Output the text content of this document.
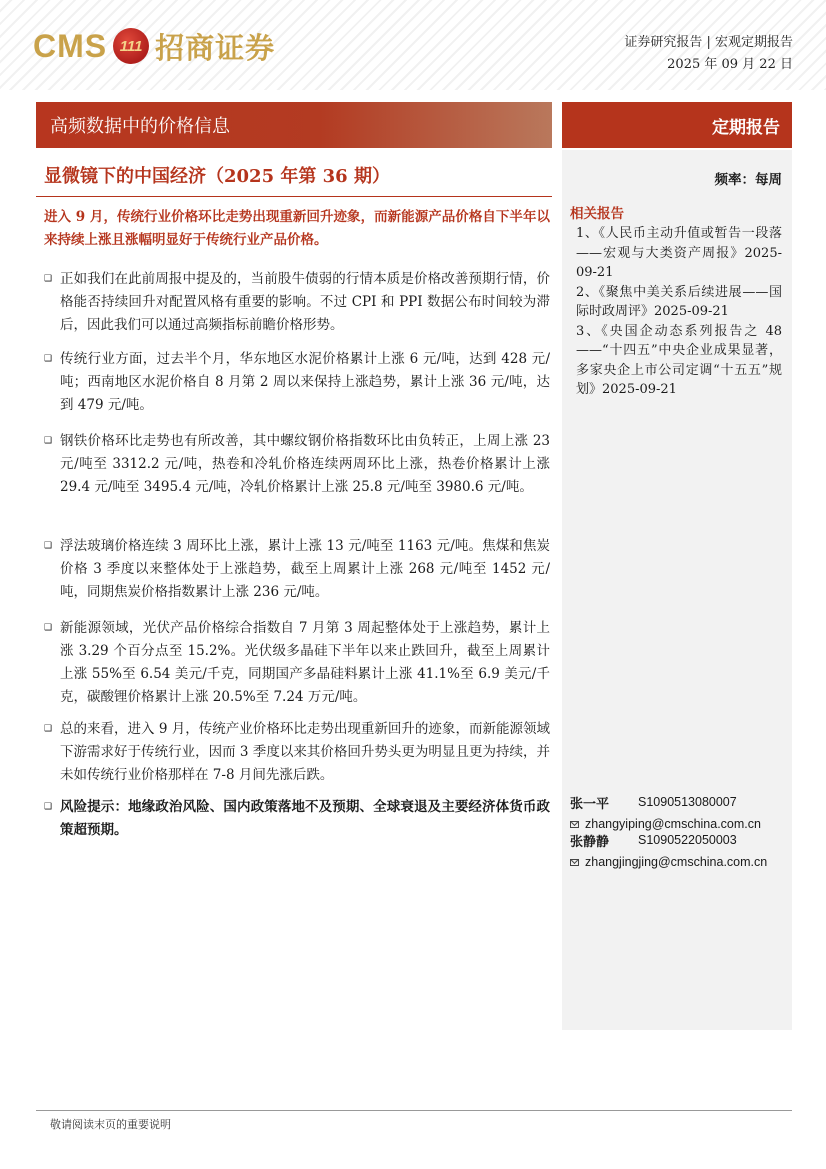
CMS 111 招商证券	证券研究报告 | 宏观定期报告
2025 年 09 月 22 日
高频数据中的价格信息	定期报告
显微镜下的中国经济（2025 年第 36 期）
进入 9 月，传统行业价格环比走势出现重新回升迹象，而新能源产品价格自下半年以来持续上涨且涨幅明显好于传统行业产品价格。
❑ 正如我们在此前周报中提及的，当前股牛债弱的行情本质是价格改善预期行情，价格能否持续回升对配置风格有重要的影响。不过 CPI 和 PPI 数据公布时间较为滞后，因此我们可以通过高频指标前瞻价格形势。
❑ 传统行业方面，过去半个月，华东地区水泥价格累计上涨 6 元/吨，达到 428 元/吨；西南地区水泥价格自 8 月第 2 周以来保持上涨趋势，累计上涨 36 元/吨，达到 479 元/吨。
❑ 钢铁价格环比走势也有所改善，其中螺纹钢价格指数环比由负转正，上周上涨 23 元/吨至 3312.2 元/吨，热卷和冷轧价格连续两周环比上涨，热卷价格累计上涨 29.4 元/吨至 3495.4 元/吨，冷轧价格累计上涨 25.8 元/吨至 3980.6 元/吨。
❑ 浮法玻璃价格连续 3 周环比上涨，累计上涨 13 元/吨至 1163 元/吨。焦煤和焦炭价格 3 季度以来整体处于上涨趋势，截至上周累计上涨 268 元/吨至 1452 元/吨，同期焦炭价格指数累计上涨 236 元/吨。
❑ 新能源领域，光伏产品价格综合指数自 7 月第 3 周起整体处于上涨趋势，累计上涨 3.29 个百分点至 15.2%。光伏级多晶硅下半年以来止跌回升，截至上周累计上涨 55%至 6.54 美元/千克，同期国产多晶硅料累计上涨 41.1%至 6.9 美元/千克，碳酸锂价格累计上涨 20.5%至 7.24 万元/吨。
❑ 总的来看，进入 9 月，传统产业价格环比走势出现重新回升的迹象，而新能源领域下游需求好于传统行业，因而 3 季度以来其价格回升势头更为明显且更为持续，并未如传统行业价格那样在 7-8 月间先涨后跌。
❑ 风险提示：地缘政治风险、国内政策落地不及预期、全球衰退及主要经济体货币政策超预期。
频率：每周
相关报告

1、《人民币主动升值或暂告一段落——宏观与大类资产周报》2025-09-21

2、《聚焦中美关系后续进展——国际时政周评》2025-09-21

3、《央国企动态系列报告之 48——“十四五”中央企业成果显著，多家央企上市公司定调“十五五”规划》2025-09-21

张一平	S1090513080007
zhangyiping@cmschina.com.cn
张静静	S1090522050003
zhangjingjing@cmschina.com.cn
敬请阅读末页的重要说明
